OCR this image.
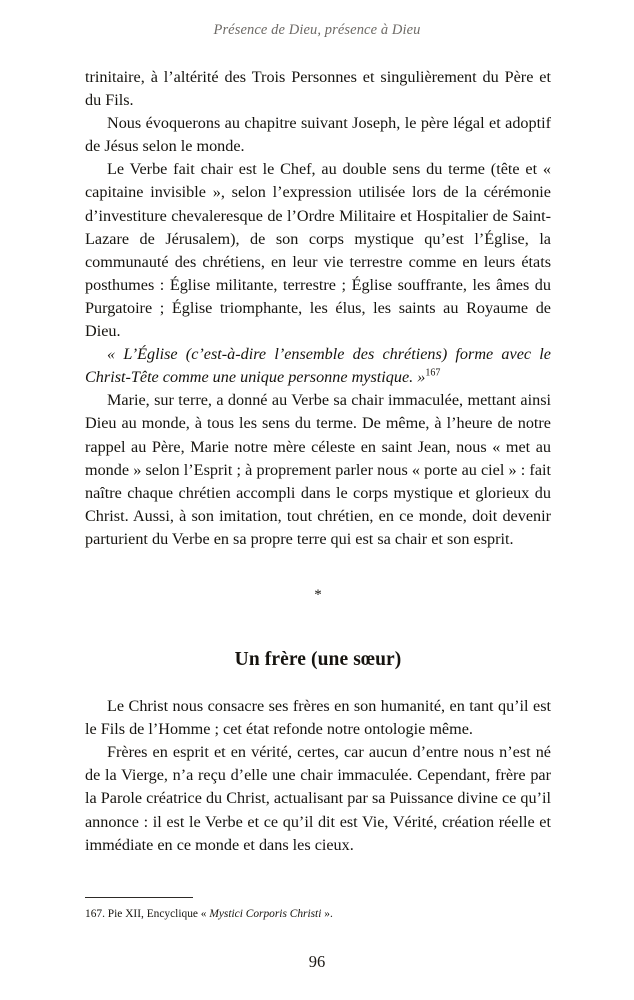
Présence de Dieu, présence à Dieu

trinitaire, à l’altérité des Trois Personnes et singulièrement du Père et du Fils.

Nous évoquerons au chapitre suivant Joseph, le père légal et adoptif de Jésus selon le monde.

Le Verbe fait chair est le Chef, au double sens du terme (tête et « capitaine invisible », selon l’expression utilisée lors de la cérémonie d’investiture chevaleresque de l’Ordre Militaire et Hospitalier de Saint-Lazare de Jérusalem), de son corps mystique qu’est l’Église, la communauté des chrétiens, en leur vie terrestre comme en leurs états posthumes : Église militante, terrestre ; Église souffrante, les âmes du Purgatoire ; Église triomphante, les élus, les saints au Royaume de Dieu.

« L’Église (c’est-à-dire l’ensemble des chrétiens) forme avec le Christ-Tête comme une unique personne mystique. »$^{167}$

Marie, sur terre, a donné au Verbe sa chair immaculée, mettant ainsi Dieu au monde, à tous les sens du terme. De même, à l’heure de notre rappel au Père, Marie notre mère céleste en saint Jean, nous « met au monde » selon l’Esprit ; à proprement parler nous « porte au ciel » : fait naître chaque chrétien accompli dans le corps mystique et glorieux du Christ. Aussi, à son imitation, tout chrétien, en ce monde, doit devenir parturient du Verbe en sa propre terre qui est sa chair et son esprit.

*

Un frère (une sœur)

Le Christ nous consacre ses frères en son humanité, en tant qu’il est le Fils de l’Homme ; cet état refonde notre ontologie même.

Frères en esprit et en vérité, certes, car aucun d’entre nous n’est né de la Vierge, n’a reçu d’elle une chair immaculée. Cependant, frère par la Parole créatrice du Christ, actualisant par sa Puissance divine ce qu’il annonce : il est le Verbe et ce qu’il dit est Vie, Vérité, création réelle et immédiate en ce monde et dans les cieux.

167. Pie XII, Encyclique « Mystici Corporis Christi ».

96
